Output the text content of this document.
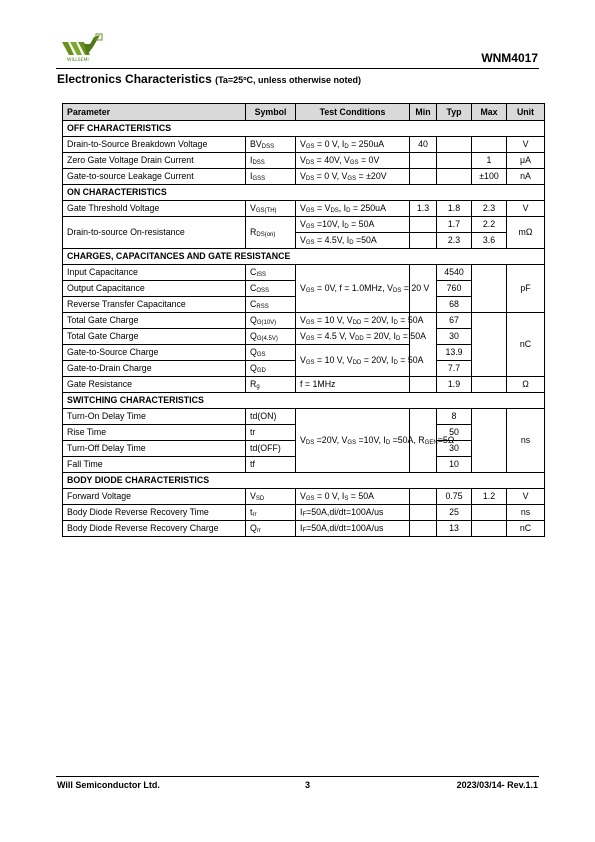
WILLSEMI	WNM4017
Electronics Characteristics (Ta=25ºC, unless otherwise noted)
Parameter	Symbol	Test Conditions	Min	Typ	Max	Unit
OFF CHARACTERISTICS						
Drain-to-Source Breakdown Voltage	$BV_{DSS}$	$V_{GS} = 0$ V, $I_D = 250uA$	40			V
Zero Gate Voltage Drain Current	$I_{DSS}$	$V_{DS} = 40V$, $V_{GS} = 0V$			1	μA
Gate-to-source Leakage Current	$I_{GSS}$	$V_{DS} = 0$ V, $V_{GS} = \pm 20V$			±100	nA
ON CHARACTERISTICS						
Gate Threshold Voltage	$V_{GS(TH)}$	$V_{GS} = V_{DS}$, $I_D = 250uA$	1.3	1.8	2.3	V
Drain-to-source On-resistance	$R_{DS(on)}$	$V_{GS} =10V$, $I_D = 50A$		1.7	2.2	mΩ
		$V_{GS} = 4.5V$, $I_D =50A$		2.3	3.6	
CHARGES, CAPACITANCES AND GATE RESISTANCE						
Input Capacitance	$C_{ISS}$	$V_{GS} = 0V$, f = 1.0MHz, $V_{DS} = 20$ V		4540		pF
Output Capacitance	$C_{OSS}$			760		
Reverse Transfer Capacitance	$C_{RSS}$			68		
Total Gate Charge	$Q_{G(10V)}$	$V_{GS} = 10$ V, $V_{DD} = 20V$, $I_D = 50A$		67		nC
Total Gate Charge	$Q_{G(4.5V)}$	$V_{GS} = 4.5$ V, $V_{DD} = 20V$, $I_D = 50A$		30		
Gate-to-Source Charge	$Q_{GS}$	$V_{GS} = 10$ V, $V_{DD} = 20V$, $I_D = 50A$		13.9		
Gate-to-Drain Charge	$Q_{GD}$			7.7		
Gate Resistance	$R_g$	f = 1MHz		1.9		Ω
SWITCHING CHARACTERISTICS						
Turn-On Delay Time	td(ON)	$V_{DS} =20V$, $V_{GS} =10V$, $I_D =50A$, $R_{GEN}=5\Omega$		8		ns
Rise Time	tr			50		
Turn-Off Delay Time	td(OFF)			30		
Fall Time	tf			10		
BODY DIODE CHARACTERISTICS						
Forward Voltage	$V_{SD}$	$V_{GS} = 0$ V, $I_S = 50A$		0.75	1.2	V
Body Diode Reverse Recovery Time	$t_{rr}$	$I_F=50A,di/dt=100A/us$		25		ns
Body Diode Reverse Recovery Charge	$Q_{rr}$	$I_F=50A,di/dt=100A/us$		13		nC
Will Semiconductor Ltd.	3	2023/03/14- Rev.1.1
